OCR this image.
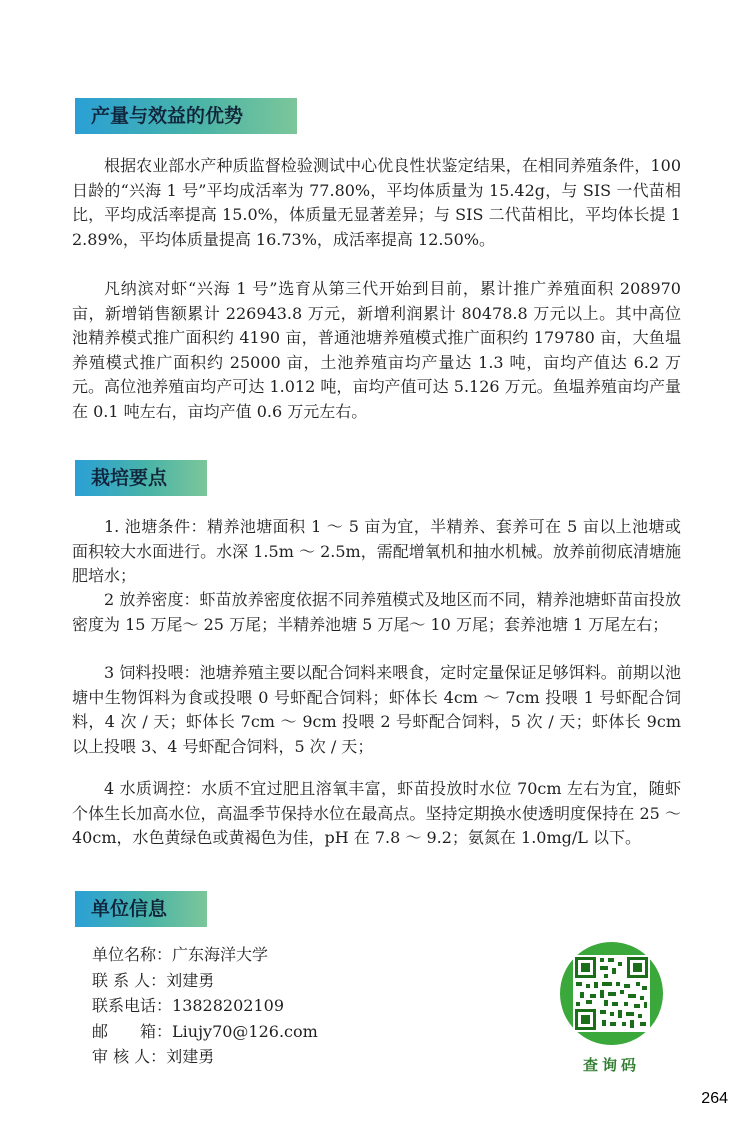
产量与效益的优势

根据农业部水产种质监督检验测试中心优良性状鉴定结果，在相同养殖条件，100 日龄的“兴海 1 号”平均成活率为 77.80%，平均体质量为 15.42g，与 SIS 一代苗相比，平均成活率提高 15.0%，体质量无显著差异；与 SIS 二代苗相比，平均体长提 12.89%，平均体质量提高 16.73%，成活率提高 12.50%。

凡纳滨对虾“兴海 1 号”选育从第三代开始到目前，累计推广养殖面积 208970 亩，新增销售额累计 226943.8 万元，新增利润累计 80478.8 万元以上。其中高位池精养模式推广面积约 4190 亩，普通池塘养殖模式推广面积约 179780 亩，大鱼塭养殖模式推广面积约 25000 亩，土池养殖亩均产量达 1.3 吨，亩均产值达 6.2 万元。高位池养殖亩均产可达 1.012 吨，亩均产值可达 5.126 万元。鱼塭养殖亩均产量在 0.1 吨左右，亩均产值 0.6 万元左右。

栽培要点

1. 池塘条件：精养池塘面积 1 ～ 5 亩为宜，半精养、套养可在 5 亩以上池塘或面积较大水面进行。水深 1.5m ～ 2.5m，需配增氧机和抽水机械。放养前彻底清塘施肥培水；

2 放养密度：虾苗放养密度依据不同养殖模式及地区而不同，精养池塘虾苗亩投放密度为 15 万尾～ 25 万尾；半精养池塘 5 万尾～ 10 万尾；套养池塘 1 万尾左右；

3 饲料投喂：池塘养殖主要以配合饲料来喂食，定时定量保证足够饵料。前期以池塘中生物饵料为食或投喂 0 号虾配合饲料；虾体长 4cm ～ 7cm 投喂 1 号虾配合饲料，4 次 / 天；虾体长 7cm ～ 9cm 投喂 2 号虾配合饲料，5 次 / 天；虾体长 9cm 以上投喂 3、4 号虾配合饲料，5 次 / 天；

4 水质调控：水质不宜过肥且溶氧丰富，虾苗投放时水位 70cm 左右为宜，随虾个体生长加高水位，高温季节保持水位在最高点。坚持定期换水使透明度保持在 25 ～ 40cm，水色黄绿色或黄褐色为佳，pH 在 7.8 ～ 9.2；氨氮在 1.0mg/L 以下。

单位信息
单位名称：广东海洋大学
联 系 人：刘建勇
联系电话：13828202109
邮　　箱：Liujy70@126.com
审 核 人：刘建勇	查询码
264
